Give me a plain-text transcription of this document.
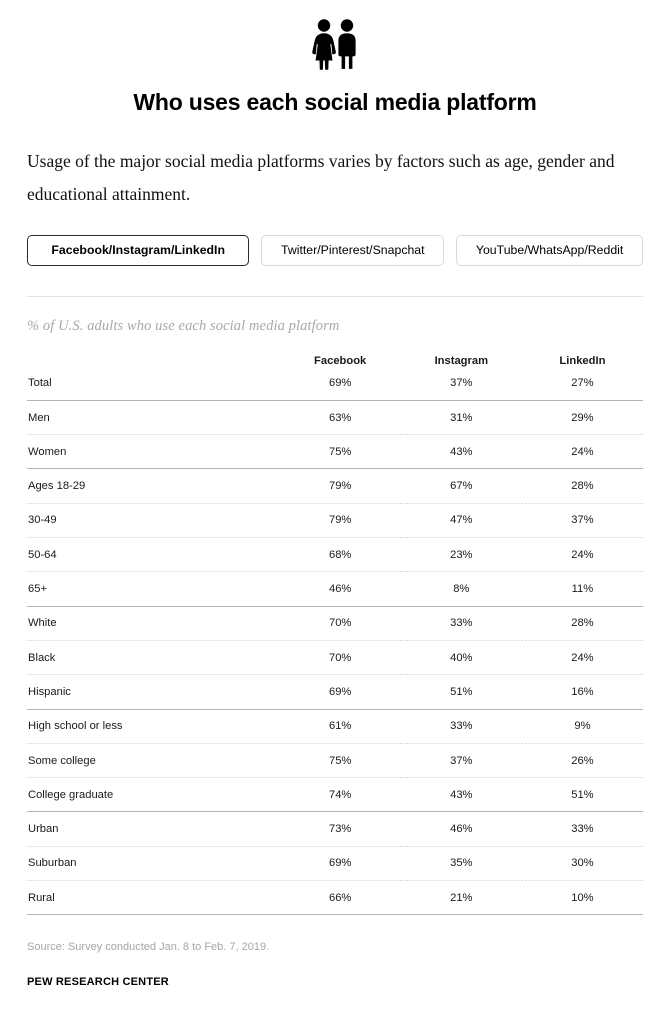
Who uses each social media platform

Usage of the major social media platforms varies by factors such as age, gender and educational attainment.

Facebook/Instagram/LinkedIn	Twitter/Pinterest/Snapchat	YouTube/WhatsApp/Reddit
% of U.S. adults who use each social media platform
	Facebook	Instagram	LinkedIn
Total	69%	37%	27%
Men	63%	31%	29%
Women	75%	43%	24%
Ages 18-29	79%	67%	28%
30-49	79%	47%	37%
50-64	68%	23%	24%
65+	46%	8%	11%
White	70%	33%	28%
Black	70%	40%	24%
Hispanic	69%	51%	16%
High school or less	61%	33%	9%
Some college	75%	37%	26%
College graduate	74%	43%	51%
Urban	73%	46%	33%
Suburban	69%	35%	30%
Rural	66%	21%	10%
Source: Survey conducted Jan. 8 to Feb. 7, 2019.
PEW RESEARCH CENTER
